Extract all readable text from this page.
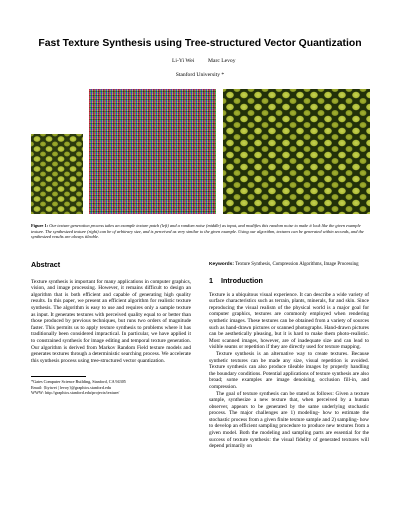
Fast Texture Synthesis using Tree-structured Vector Quantization
Li-Yi Wei Marc Levoy
Stanford University *
Figure 1: Our texture generation process takes an example texture patch (left) and a random noise (middle) as input, and modifies this random noise to make it look like the given example texture. The synthesized texture (right) can be of arbitrary size, and is perceived as very similar to the given example. Using our algorithm, textures can be generated within seconds, and the synthesized results are always tileable.
Abstract

Texture synthesis is important for many applications in computer graphics, vision, and image processing. However, it remains difficult to design an algorithm that is both efficient and capable of generating high quality results. In this paper, we present an efficient algorithm for realistic texture synthesis. The algorithm is easy to use and requires only a sample texture as input. It generates textures with perceived quality equal to or better than those produced by previous techniques, but runs two orders of magnitude faster. This permits us to apply texture synthesis to problems where it has traditionally been considered impractical. In particular, we have applied it to constrained synthesis for image editing and temporal texture generation. Our algorithm is derived from Markov Random Field texture models and generates textures through a deterministic searching process. We accelerate this synthesis process using tree-structured vector quantization.

*Gates Computer Science Building, Stanford, CA 94305

Email: {liyiwei | levoy}@graphics.stanford.edu

WWW: http://graphics.stanford.edu/projects/texture/

Keywords: Texture Synthesis, Compression Algorithms, Image Processing

1 Introduction

Texture is a ubiquitous visual experience. It can describe a wide variety of surface characteristics such as terrain, plants, minerals, fur and skin. Since reproducing the visual realism of the physical world is a major goal for computer graphics, textures are commonly employed when rendering synthetic images. These textures can be obtained from a variety of sources such as hand-drawn pictures or scanned photographs. Hand-drawn pictures can be aesthetically pleasing, but it is hard to make them photo-realistic. Most scanned images, however, are of inadequate size and can lead to visible seams or repetition if they are directly used for texture mapping.

Texture synthesis is an alternative way to create textures. Because synthetic textures can be made any size, visual repetition is avoided. Texture synthesis can also produce tileable images by properly handling the boundary conditions. Potential applications of texture synthesis are also broad; some examples are image denoising, occlusion fill-in, and compression.

The goal of texture synthesis can be stated as follows: Given a texture sample, synthesize a new texture that, when perceived by a human observer, appears to be generated by the same underlying stochastic process. The major challenges are 1) modeling- how to estimate the stochastic process from a given finite texture sample and 2) sampling- how to develop an efficient sampling procedure to produce new textures from a given model. Both the modeling and sampling parts are essential for the success of texture synthesis: the visual fidelity of generated textures will depend primarily on
